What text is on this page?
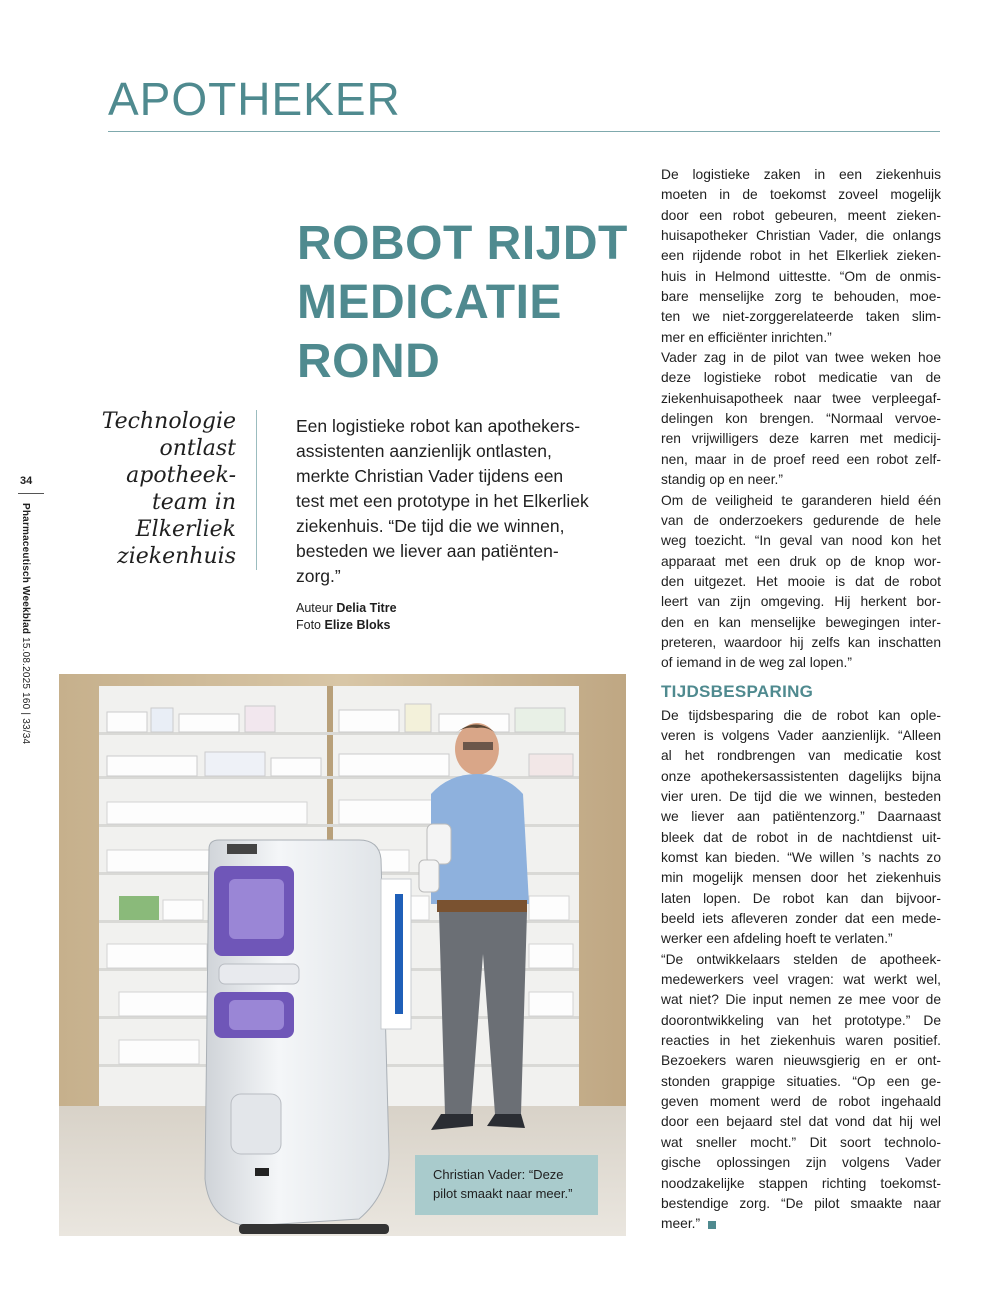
APOTHEKER
34
Pharmaceutisch Weekblad 15.08.2025 160 | 33/34
ROBOT RIJDT
MEDICATIE
ROND
Technologie
ontlast
apotheek-
team in
Elkerliek
ziekenhuis
Een logistieke robot kan apothekers-
assistenten aanzienlijk ontlasten,
merkte Christian Vader tijdens een
test met een prototype in het Elkerliek
ziekenhuis. “De tijd die we winnen,
besteden we liever aan patiënten-
zorg.”
Auteur Delia Titre
Foto Elize Bloks
De logistieke zaken in een ziekenhuis
moeten in de toekomst zoveel mogelijk
door een robot gebeuren, meent zieken-
huisapotheker Christian Vader, die onlangs
een rijdende robot in het Elkerliek zieken-
huis in Helmond uittestte. “Om de onmis-
bare menselijke zorg te behouden, moe-
ten we niet-zorggerelateerde taken slim-
mer en efficiënter inrichten.”
Vader zag in de pilot van twee weken hoe
deze logistieke robot medicatie van de
ziekenhuisapotheek naar twee verpleegaf-
delingen kon brengen. “Normaal vervoe-
ren vrijwilligers deze karren met medicij-
nen, maar in de proef reed een robot zelf-
standig op en neer.”
Om de veiligheid te garanderen hield één
van de onderzoekers gedurende de hele
weg toezicht. “In geval van nood kon het
apparaat met een druk op de knop wor-
den uitgezet. Het mooie is dat de robot
leert van zijn omgeving. Hij herkent bor-
den en kan menselijke bewegingen inter-
preteren, waardoor hij zelfs kan inschatten
of iemand in de weg zal lopen.”
TIJDSBESPARING
De tijdsbesparing die de robot kan ople-
veren is volgens Vader aanzienlijk. “Alleen
al het rondbrengen van medicatie kost
onze apothekersassistenten dagelijks bijna
vier uren. De tijd die we winnen, besteden
we liever aan patiëntenzorg.” Daarnaast
bleek dat de robot in de nachtdienst uit-
komst kan bieden. “We willen ’s nachts zo
min mogelijk mensen door het ziekenhuis
laten lopen. De robot kan dan bijvoor-
beeld iets afleveren zonder dat een mede-
werker een afdeling hoeft te verlaten.”
“De ontwikkelaars stelden de apotheek-
medewerkers veel vragen: wat werkt wel,
wat niet? Die input nemen ze mee voor de
doorontwikkeling van het prototype.” De
reacties in het ziekenhuis waren positief.
Bezoekers waren nieuwsgierig en er ont-
stonden grappige situaties. “Op een ge-
geven moment werd de robot ingehaald
door een bejaard stel dat vond dat hij wel
wat sneller mocht.” Dit soort technolo-
gische oplossingen zijn volgens Vader
noodzakelijke stappen richting toekomst-
bestendige zorg. “De pilot smaakte naar
meer.”
Christian Vader: “Deze
pilot smaakt naar meer.”
